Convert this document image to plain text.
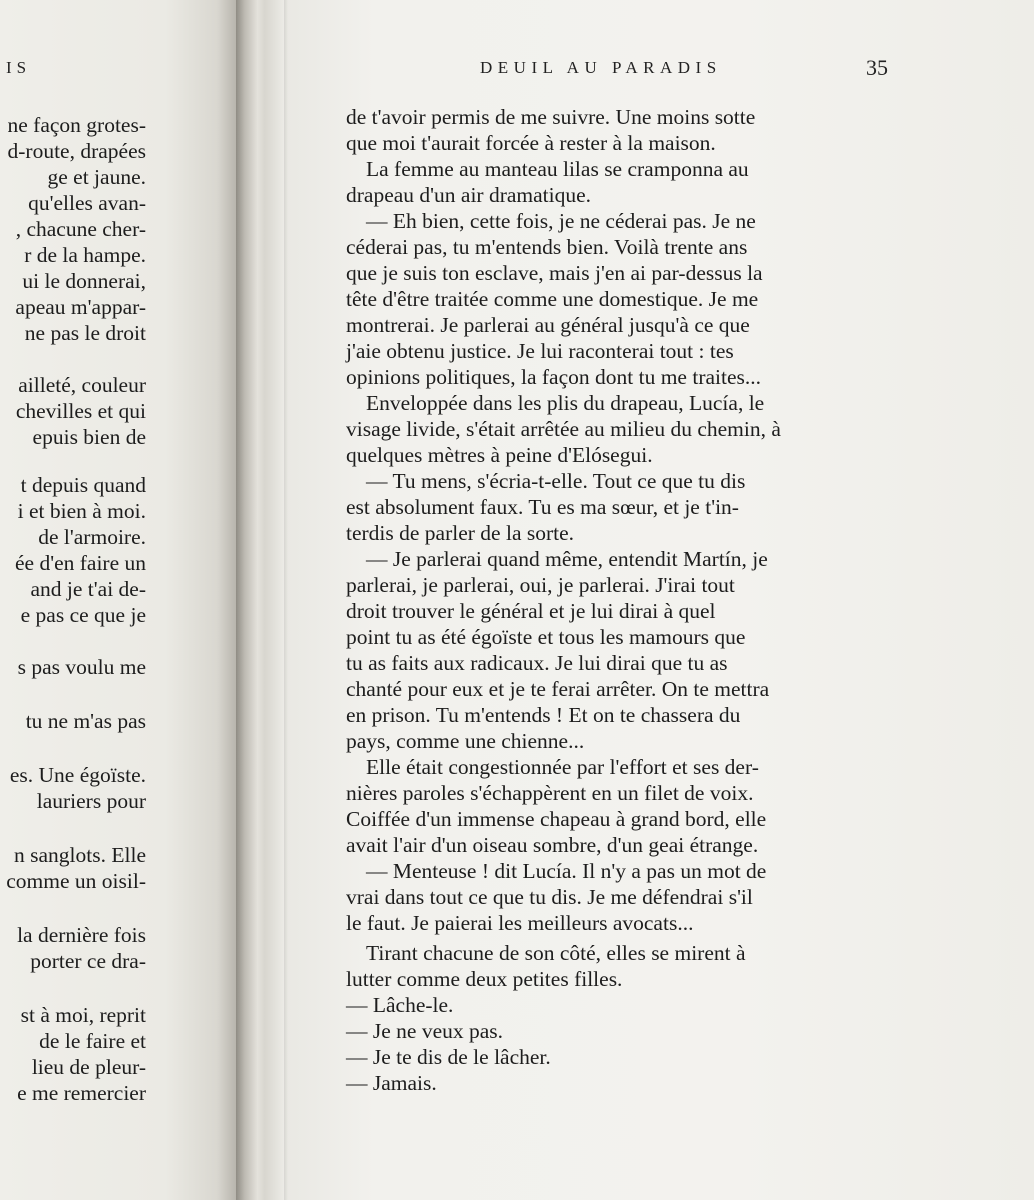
IS
ne façon grotes-
d-route, drapées
ge et jaune.
qu'elles avan-
, chacune cher-
r de la hampe.
ui le donnerai,
apeau m'appar-
ne pas le droit
ailleté, couleur
chevilles et qui
epuis bien de
t depuis quand
i et bien à moi.
de l'armoire.
ée d'en faire un
and je t'ai de-
e pas ce que je
s pas voulu me
tu ne m'as pas
es. Une égoïste.
lauriers pour
n sanglots. Elle
comme un oisil-
la dernière fois
porter ce dra-
st à moi, reprit
de le faire et
lieu de pleur-
e me remercier
DEUIL AU PARADIS	35
de t'avoir permis de me suivre. Une moins sotte
que moi t'aurait forcée à rester à la maison.
La femme au manteau lilas se cramponna au
drapeau d'un air dramatique.
— Eh bien, cette fois, je ne céderai pas. Je ne
céderai pas, tu m'entends bien. Voilà trente ans
que je suis ton esclave, mais j'en ai par-dessus la
tête d'être traitée comme une domestique. Je me
montrerai. Je parlerai au général jusqu'à ce que
j'aie obtenu justice. Je lui raconterai tout : tes
opinions politiques, la façon dont tu me traites...
Enveloppée dans les plis du drapeau, Lucía, le
visage livide, s'était arrêtée au milieu du chemin, à
quelques mètres à peine d'Elósegui.
— Tu mens, s'écria-t-elle. Tout ce que tu dis
est absolument faux. Tu es ma sœur, et je t'in-
terdis de parler de la sorte.
— Je parlerai quand même, entendit Martín, je
parlerai, je parlerai, oui, je parlerai. J'irai tout
droit trouver le général et je lui dirai à quel
point tu as été égoïste et tous les mamours que
tu as faits aux radicaux. Je lui dirai que tu as
chanté pour eux et je te ferai arrêter. On te mettra
en prison. Tu m'entends ! Et on te chassera du
pays, comme une chienne...
Elle était congestionnée par l'effort et ses der-
nières paroles s'échappèrent en un filet de voix.
Coiffée d'un immense chapeau à grand bord, elle
avait l'air d'un oiseau sombre, d'un geai étrange.
— Menteuse ! dit Lucía. Il n'y a pas un mot de
vrai dans tout ce que tu dis. Je me défendrai s'il
le faut. Je paierai les meilleurs avocats...
Tirant chacune de son côté, elles se mirent à
lutter comme deux petites filles.
— Lâche-le.
— Je ne veux pas.
— Je te dis de le lâcher.
— Jamais.
